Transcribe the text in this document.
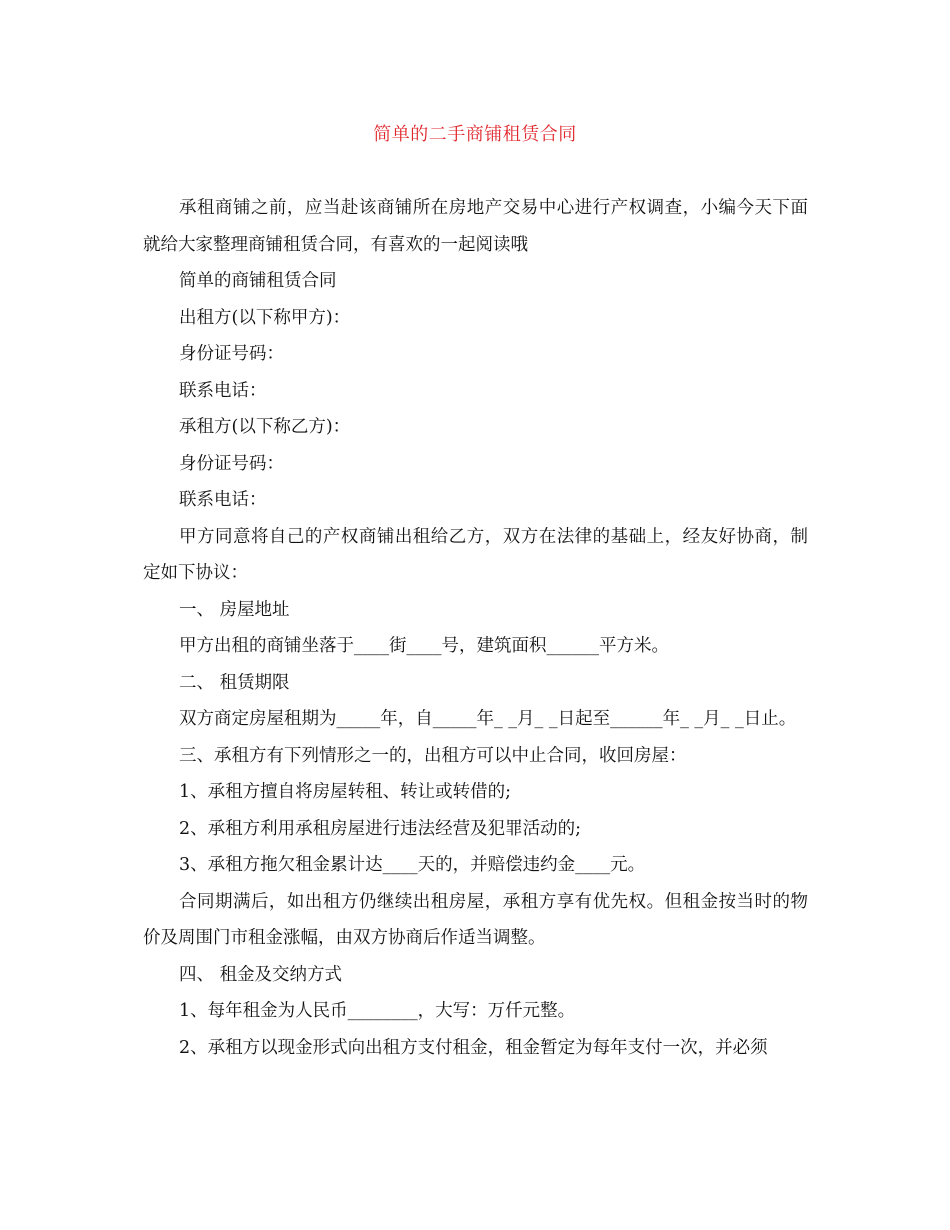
简单的二手商铺租赁合同

承租商铺之前，应当赴该商铺所在房地产交易中心进行产权调查，小编今天下面就给大家整理商铺租赁合同，有喜欢的一起阅读哦

简单的商铺租赁合同

出租方(以下称甲方)：

身份证号码：

联系电话：

承租方(以下称乙方)：

身份证号码：

联系电话：

甲方同意将自己的产权商铺出租给乙方，双方在法律的基础上，经友好协商，制定如下协议：

一、 房屋地址

甲方出租的商铺坐落于____街____号，建筑面积______平方米。

二、 租赁期限

双方商定房屋租期为_____年，自_____年_ _月_ _日起至______年_ _月_ _日止。

三、承租方有下列情形之一的，出租方可以中止合同，收回房屋：

1、承租方擅自将房屋转租、转让或转借的;

2、承租方利用承租房屋进行违法经营及犯罪活动的;

3、承租方拖欠租金累计达____天的，并赔偿违约金____元。

合同期满后，如出租方仍继续出租房屋，承租方享有优先权。但租金按当时的物价及周围门市租金涨幅，由双方协商后作适当调整。

四、 租金及交纳方式

1、每年租金为人民币________，大写：万仟元整。

2、承租方以现金形式向出租方支付租金，租金暂定为每年支付一次，并必须
